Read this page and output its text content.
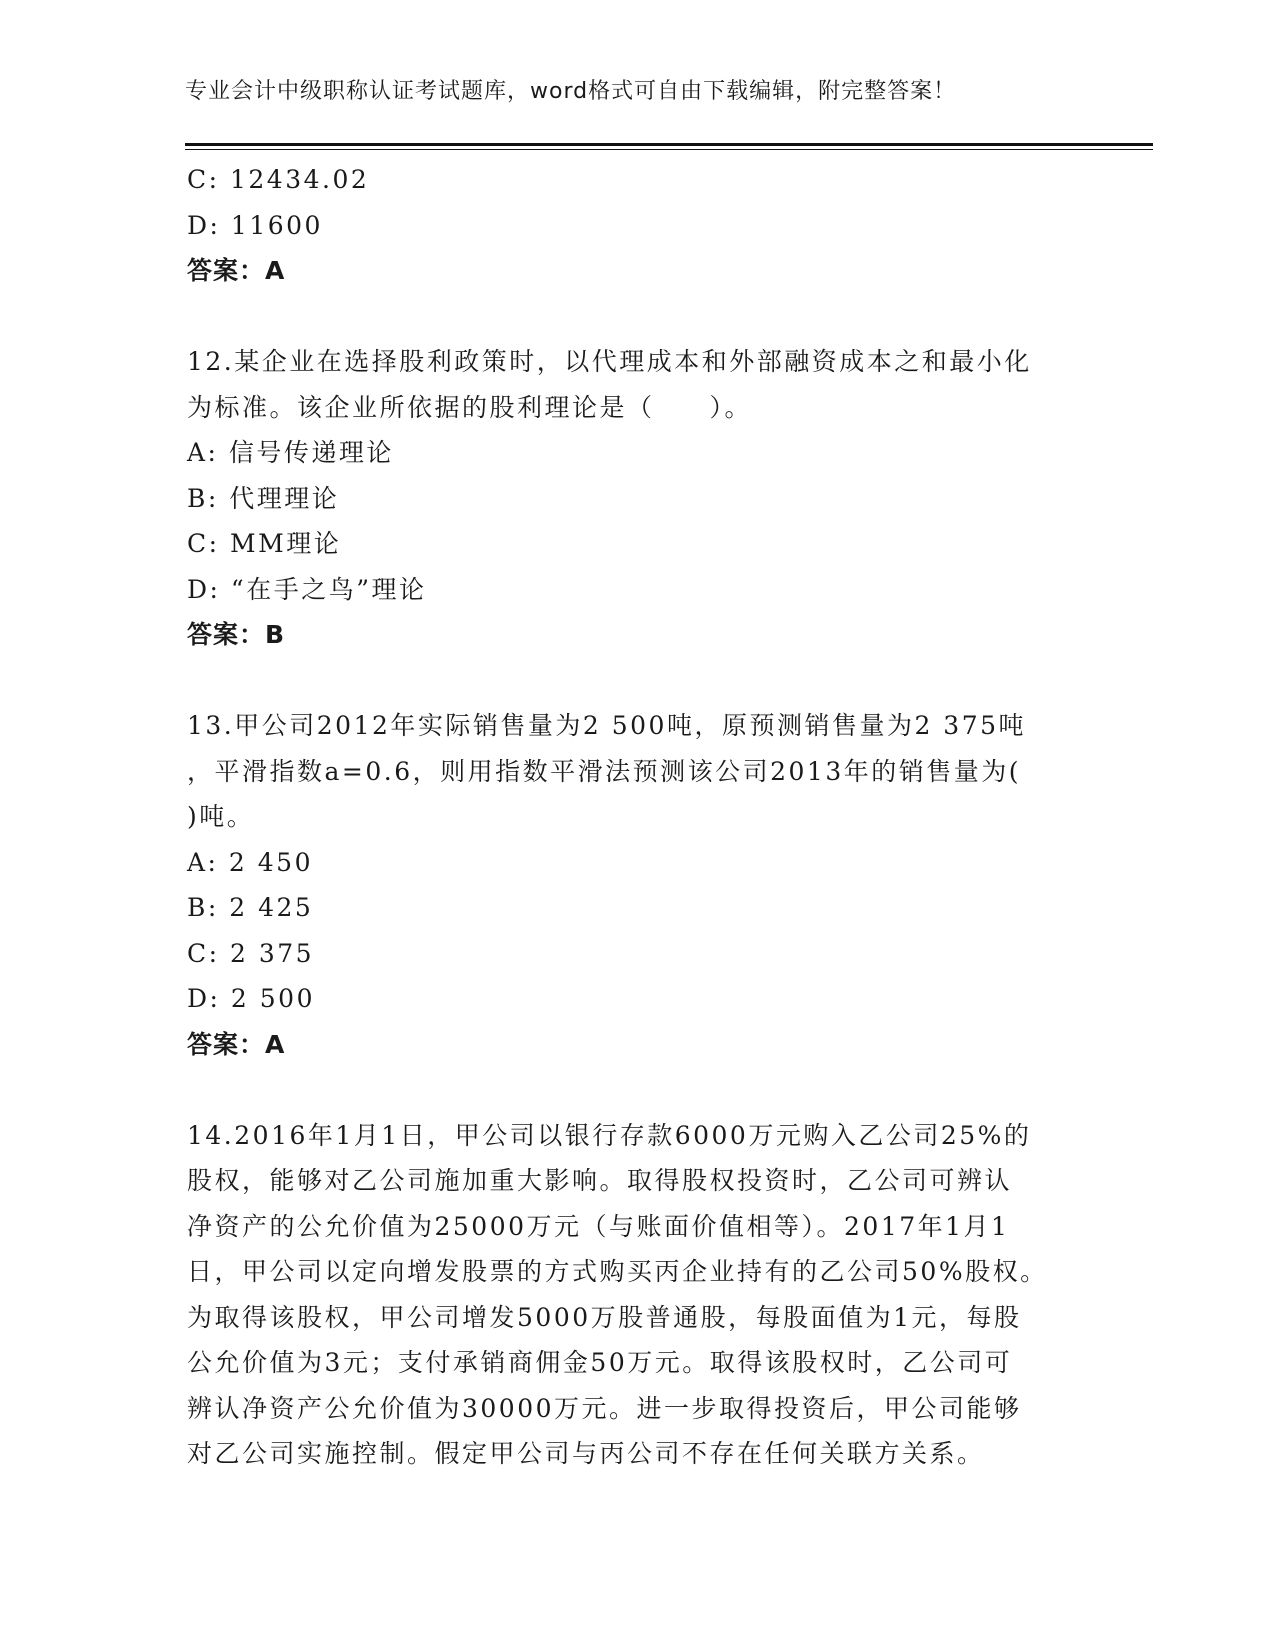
专业会计中级职称认证考试题库，word格式可自由下载编辑，附完整答案！
C: 12434.02
D: 11600
答案：A
12.某企业在选择股利政策时，以代理成本和外部融资成本之和最小化
为标准。该企业所依据的股利理论是（　　）。
A: 信号传递理论
B: 代理理论
C: MM理论
D: “在手之鸟”理论
答案：B
13.甲公司2012年实际销售量为2 500吨，原预测销售量为2 375吨
，平滑指数a=0.6，则用指数平滑法预测该公司2013年的销售量为(
)吨。
A: 2 450
B: 2 425
C: 2 375
D: 2 500
答案：A
14.2016年1月1日，甲公司以银行存款6000万元购入乙公司25%的
股权，能够对乙公司施加重大影响。取得股权投资时，乙公司可辨认
净资产的公允价值为25000万元（与账面价值相等）。2017年1月1
日，甲公司以定向增发股票的方式购买丙企业持有的乙公司50%股权。
为取得该股权，甲公司增发5000万股普通股，每股面值为1元，每股
公允价值为3元；支付承销商佣金50万元。取得该股权时，乙公司可
辨认净资产公允价值为30000万元。进一步取得投资后，甲公司能够
对乙公司实施控制。假定甲公司与丙公司不存在任何关联方关系。
